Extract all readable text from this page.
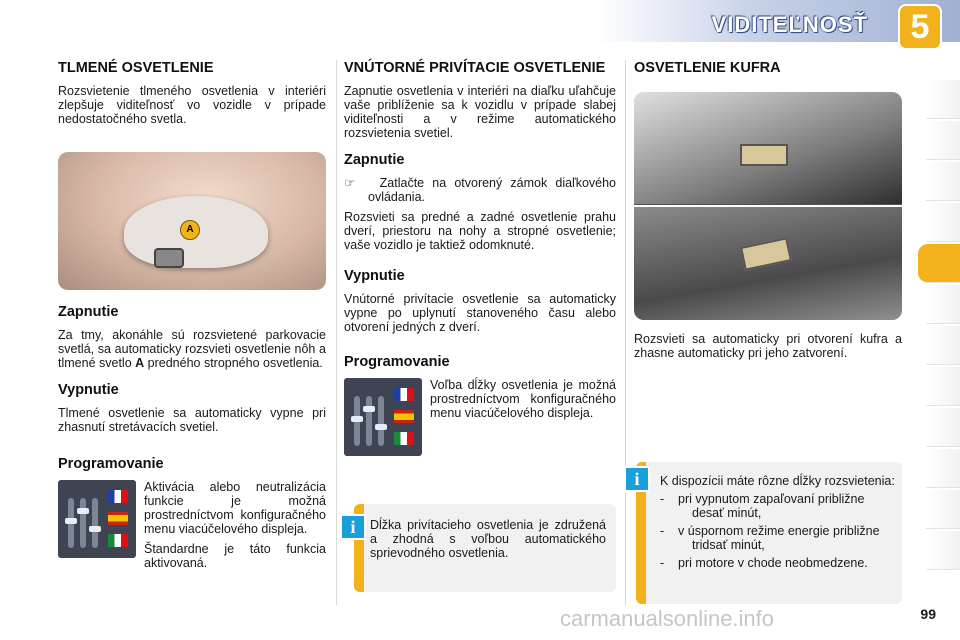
VIDITEĽNOSŤ	5
TLMENÉ OSVETLENIE

Rozsvietenie tlmeného osvetlenia v interiéri zlepšuje viditeľnosť vo vozidle v prípade nedostatočného svetla.

A
Zapnutie

Za tmy, akonáhle sú rozsvietené parkovacie svetlá, sa automaticky rozsvieti osvetlenie nôh a tlmené svetlo A predného stropného osvetlenia.

Vypnutie

Tlmené osvetlenie sa automaticky vypne pri zhasnutí stretávacích svetiel.

Programovanie

Aktivácia alebo neutralizácia funkcie je možná prostredníctvom konfiguračného menu viacúčelového displeja.

Štandardne je táto funkcia aktivovaná.

VNÚTORNÉ PRIVÍTACIE OSVETLENIE

Zapnutie osvetlenia v interiéri na diaľku uľahčuje vaše priblíženie sa k vozidlu v prípade slabej viditeľnosti a v režime automatického rozsvietenia svetiel.

Zapnutie

☞ Zatlačte na otvorený zámok diaľkového ovládania.

Rozsvieti sa predné a zadné osvetlenie prahu dverí, priestoru na nohy a stropné osvetlenie; vaše vozidlo je taktiež odomknuté.

Vypnutie

Vnútorné privítacie osvetlenie sa automaticky vypne po uplynutí stanoveného času alebo otvorení jedných z dverí.

Programovanie

Voľba dĺžky osvetlenia je možná prostredníctvom konfiguračného menu viacúčelového displeja.

Dĺžka privítacieho osvetlenia je združená a zhodná s voľbou automatického sprievodného osvetlenia.

i
OSVETLENIE KUFRA

Rozsvieti sa automaticky pri otvorení kufra a zhasne automaticky pri jeho zatvorení.

K dispozícii máte rôzne dĺžky rozsvietenia:

-    pri vypnutom zapaľovaní približne desať minút,
-    v úspornom režime energie približne tridsať minút,
-    pri motore v chode neobmedzene.
i
carmanualsonline.info	99
